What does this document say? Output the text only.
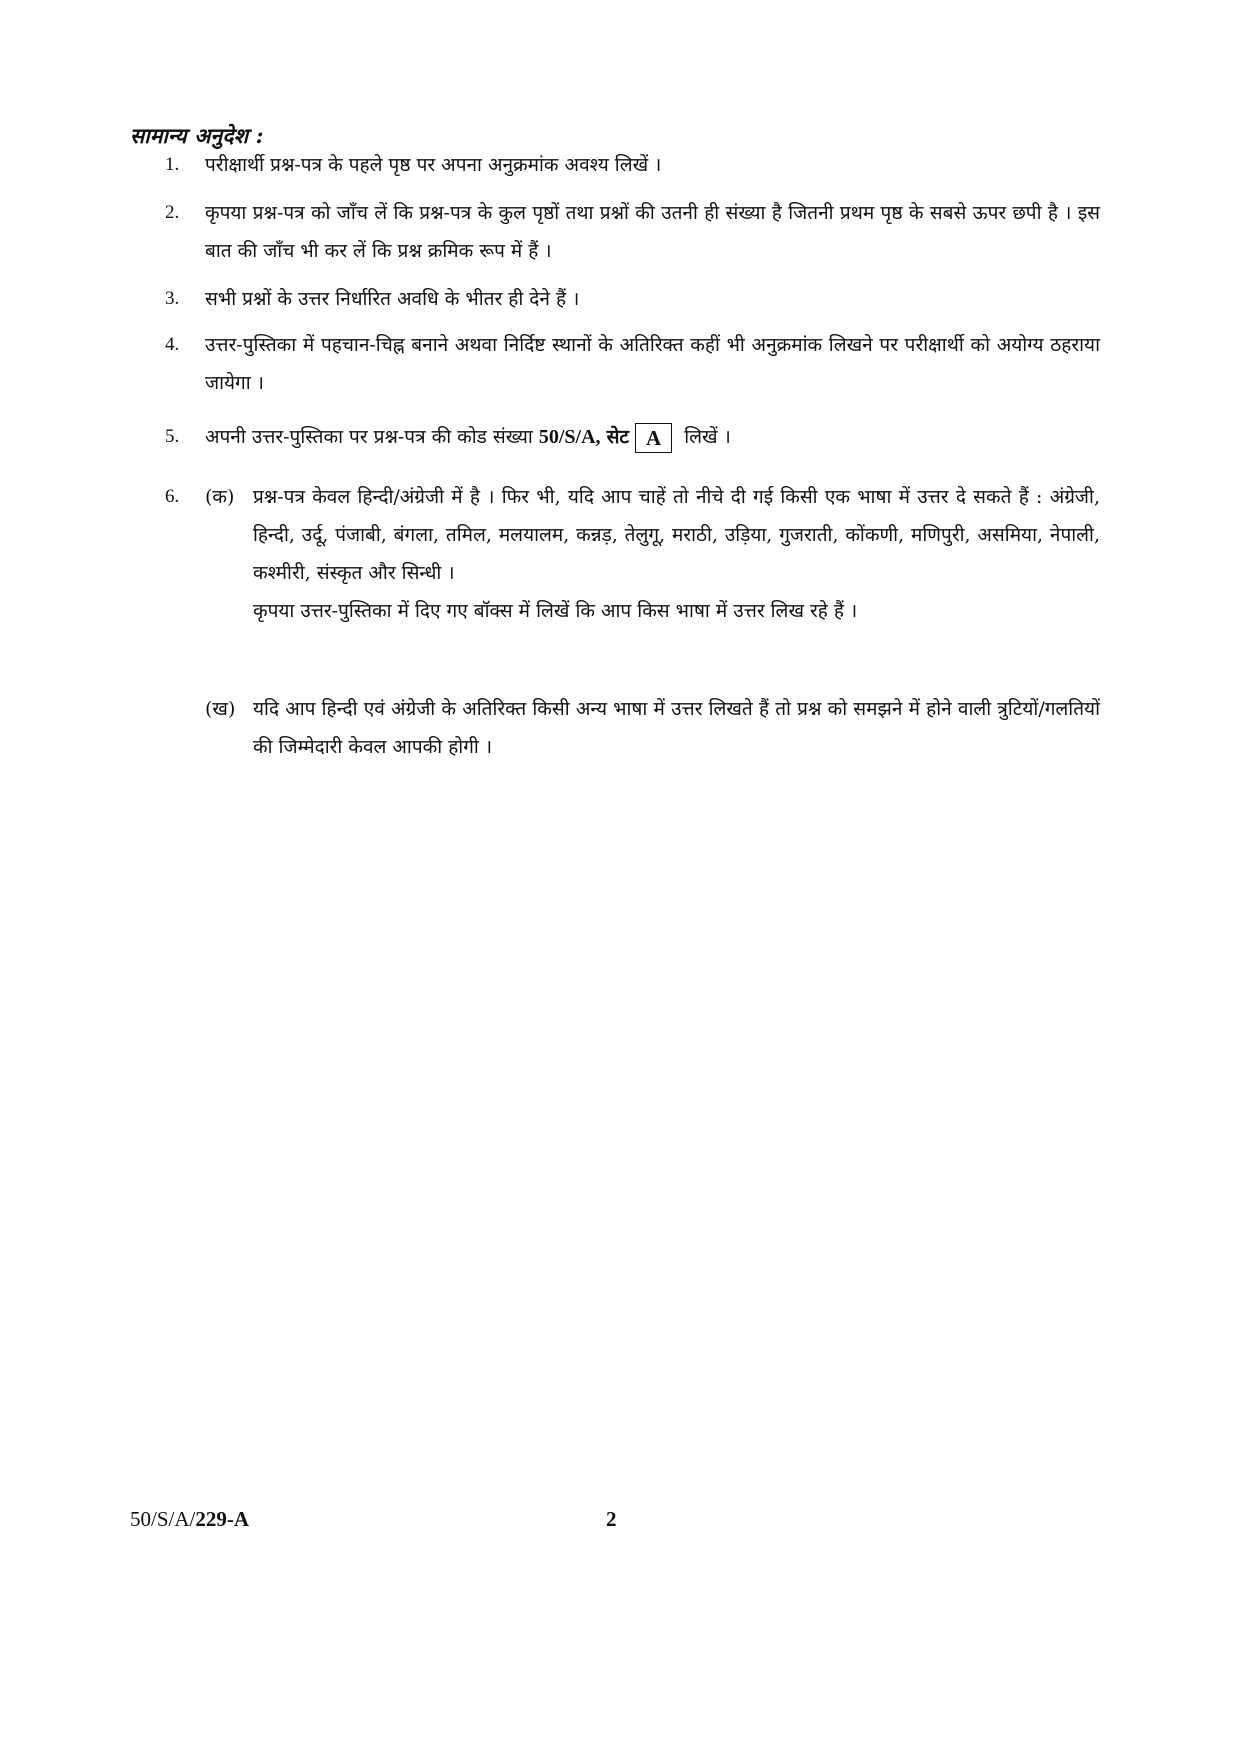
सामान्य अनुदेश :
1. परीक्षार्थी प्रश्न-पत्र के पहले पृष्ठ पर अपना अनुक्रमांक अवश्य लिखें ।
2. कृपया प्रश्न-पत्र को जाँच लें कि प्रश्न-पत्र के कुल पृष्ठों तथा प्रश्नों की उतनी ही संख्या है जितनी प्रथम पृष्ठ के सबसे ऊपर छपी है । इस बात की जाँच भी कर लें कि प्रश्न क्रमिक रूप में हैं ।
3. सभी प्रश्नों के उत्तर निर्धारित अवधि के भीतर ही देने हैं ।
4. उत्तर-पुस्तिका में पहचान-चिह्न बनाने अथवा निर्दिष्ट स्थानों के अतिरिक्त कहीं भी अनुक्रमांक लिखने पर परीक्षार्थी को अयोग्य ठहराया जायेगा ।
5. अपनी उत्तर-पुस्तिका पर प्रश्न-पत्र की कोड संख्या 50/S/A, सेट A लिखें ।
6. (क) प्रश्न-पत्र केवल हिन्दी/अंग्रेजी में है । फिर भी, यदि आप चाहें तो नीचे दी गई किसी एक भाषा में उत्तर दे सकते हैं : अंग्रेजी, हिन्दी, उर्दू, पंजाबी, बंगला, तमिल, मलयालम, कन्नड़, तेलुगू, मराठी, उड़िया, गुजराती, कोंकणी, मणिपुरी, असमिया, नेपाली, कश्मीरी, संस्कृत और सिन्धी ।
कृपया उत्तर-पुस्तिका में दिए गए बॉक्स में लिखें कि आप किस भाषा में उत्तर लिख रहे हैं ।
(ख) यदि आप हिन्दी एवं अंग्रेजी के अतिरिक्त किसी अन्य भाषा में उत्तर लिखते हैं तो प्रश्न को समझने में होने वाली त्रुटियों/गलतियों की जिम्मेदारी केवल आपकी होगी ।
50/S/A/229-A	2
